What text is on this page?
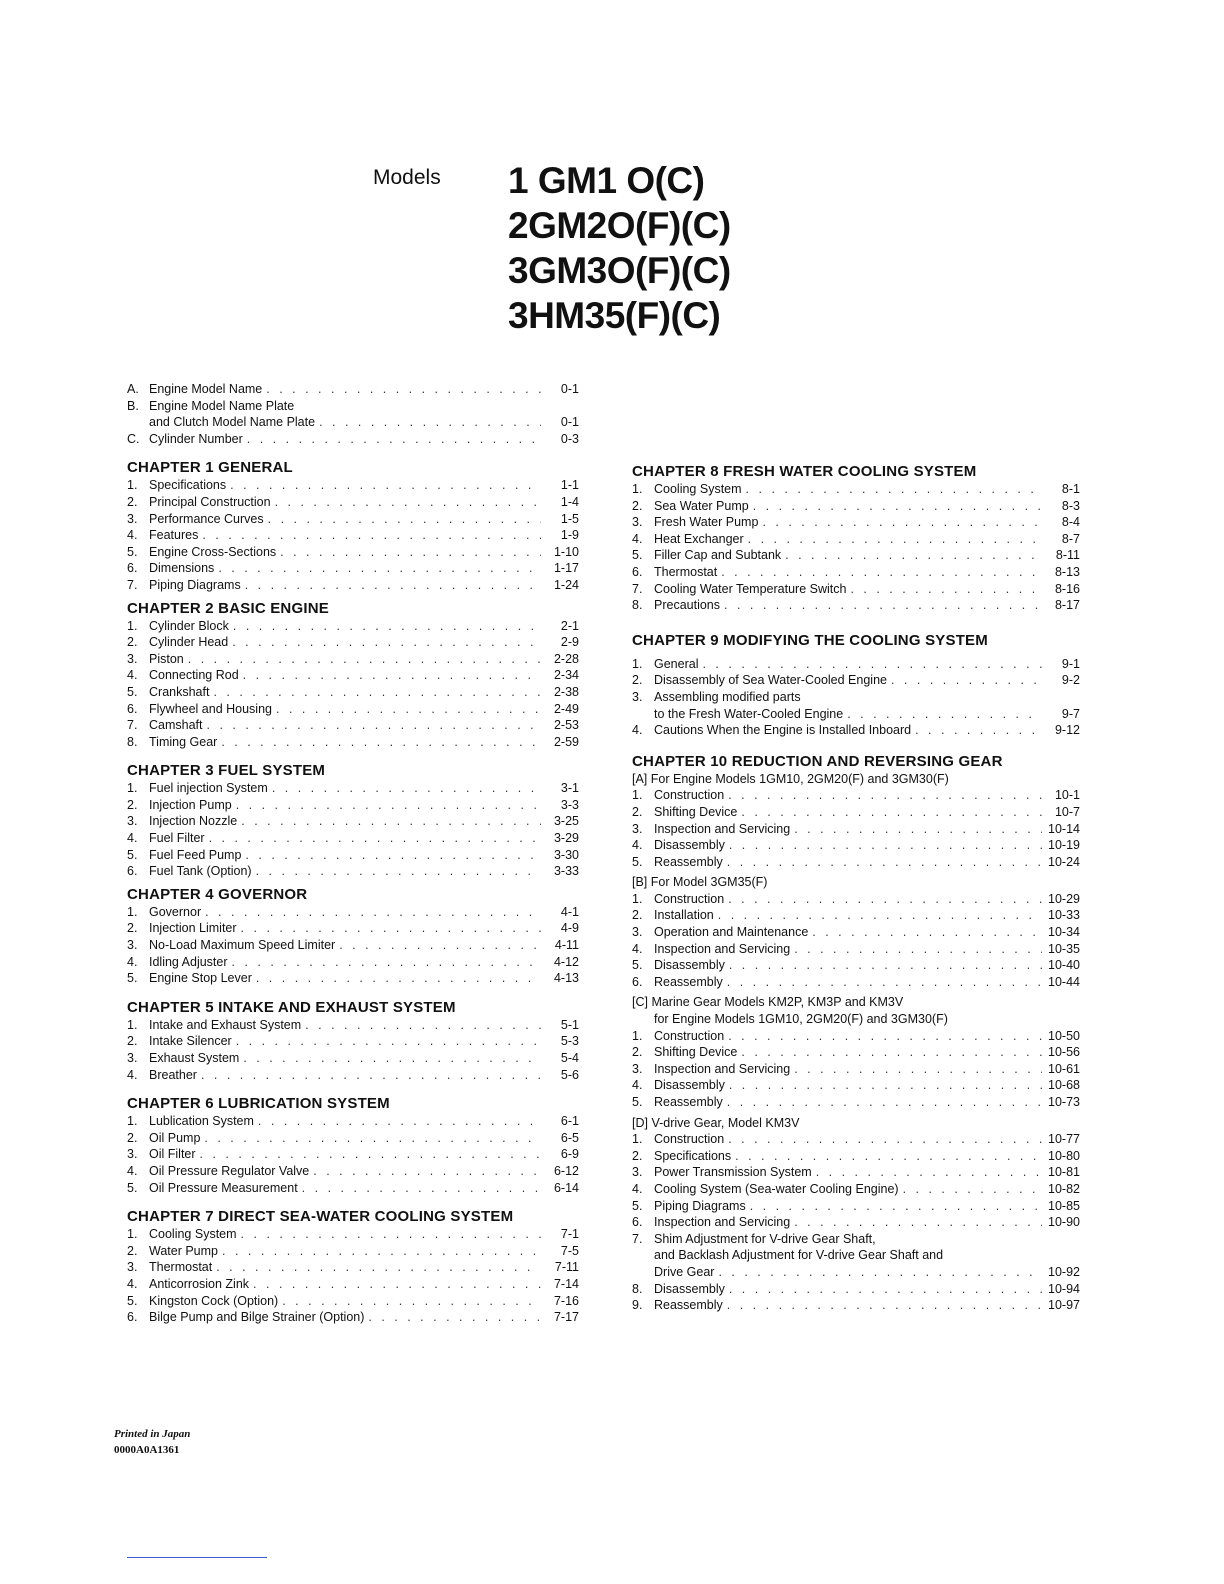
Models 1 GM1 O(C)
2GM2O(F)(C)
3GM3O(F)(C)
3HM35(F)(C)
A. Engine Model Name . . .	0-1
B. Engine Model Name Plate
and Clutch Model Name Plate . . .	0-1
C. Cylinder Number . . .	0-3
CHAPTER 1 GENERAL
1. Specifications . . .	1-1
2. Principal Construction . . .	1-4
3. Performance Curves . . .	1-5
4. Features . . .	1-9
5. Engine Cross-Sections . . .	1-10
6. Dimensions . . .	1-17
7. Piping Diagrams . . .	1-24
CHAPTER 2 BASIC ENGINE
1. Cylinder Block . . .	2-1
2. Cylinder Head . . .	2-9
3. Piston . . .	2-28
4. Connecting Rod . . .	2-34
5. Crankshaft . . .	2-38
6. Flywheel and Housing . . .	2-49
7. Camshaft . . .	2-53
8. Timing Gear . . .	2-59
CHAPTER 3 FUEL SYSTEM
1. Fuel injection System . . .	3-1
2. Injection Pump . . .	3-3
3. Injection Nozzle . . .	3-25
4. Fuel Filter . . .	3-29
5. Fuel Feed Pump . . .	3-30
6. Fuel Tank (Option) . . .	3-33
CHAPTER 4 GOVERNOR
1. Governor . . .	4-1
2. Injection Limiter . . .	4-9
3. No-Load Maximum Speed Limiter . . .	4-11
4. Idling Adjuster . . .	4-12
5. Engine Stop Lever . . .	4-13
CHAPTER 5 INTAKE AND EXHAUST SYSTEM
1. Intake and Exhaust System . . .	5-1
2. Intake Silencer . . .	5-3
3. Exhaust System . . .	5-4
4. Breather . . .	5-6
CHAPTER 6 LUBRICATION SYSTEM
1. Lublication System . . .	6-1
2. Oil Pump . . .	6-5
3. Oil Filter . . .	6-9
4. Oil Pressure Regulator Valve . . .	6-12
5. Oil Pressure Measurement . . .	6-14
CHAPTER 7 DIRECT SEA-WATER COOLING SYSTEM
1. Cooling System . . .	7-1
2. Water Pump . . .	7-5
3. Thermostat . . .	7-11
4. Anticorrosion Zink . . .	7-14
5. Kingston Cock (Option) . . .	7-16
6. Bilge Pump and Bilge Strainer (Option) . . .	7-17
CHAPTER 8 FRESH WATER COOLING SYSTEM
1. Cooling System . . .	8-1
2. Sea Water Pump . . .	8-3
3. Fresh Water Pump . . .	8-4
4. Heat Exchanger . . .	8-7
5. Filler Cap and Subtank . . .	8-11
6. Thermostat . . .	8-13
7. Cooling Water Temperature Switch . . .	8-16
8. Precautions . . .	8-17
CHAPTER 9 MODIFYING THE COOLING SYSTEM
1. General . . .	9-1
2. Disassembly of Sea Water-Cooled Engine . . .	9-2
3. Assembling modified parts
to the Fresh Water-Cooled Engine . . .	9-7
4. Cautions When the Engine is Installed Inboard . . .	9-12
CHAPTER 10 REDUCTION AND REVERSING GEAR
[A] For Engine Models 1GM10, 2GM20(F) and 3GM30(F)
1. Construction . . .	10-1
2. Shifting Device . . .	10-7
3. Inspection and Servicing . . .	10-14
4. Disassembly . . .	10-19
5. Reassembly . . .	10-24
[B] For Model 3GM35(F)
1. Construction . . .	10-29
2. Installation . . .	10-33
3. Operation and Maintenance . . .	10-34
4. Inspection and Servicing . . .	10-35
5. Disassembly . . .	10-40
6. Reassembly . . .	10-44
[C] Marine Gear Models KM2P, KM3P and KM3V
for Engine Models 1GM10, 2GM20(F) and 3GM30(F)
1. Construction . . .	10-50
2. Shifting Device . . .	10-56
3. Inspection and Servicing . . .	10-61
4. Disassembly . . .	10-68
5. Reassembly . . .	10-73
[D] V-drive Gear, Model KM3V
1. Construction . . .	10-77
2. Specifications . . .	10-80
3. Power Transmission System . . .	10-81
4. Cooling System (Sea-water Cooling Engine) . . .	10-82
5. Piping Diagrams . . .	10-85
6. Inspection and Servicing . . .	10-90
7. Shim Adjustment for V-drive Gear Shaft,
and Backlash Adjustment for V-drive Gear Shaft and
Drive Gear . . .	10-92
8. Disassembly . . .	10-94
9. Reassembly . . .	10-97
Printed in Japan
0000A0A1361
